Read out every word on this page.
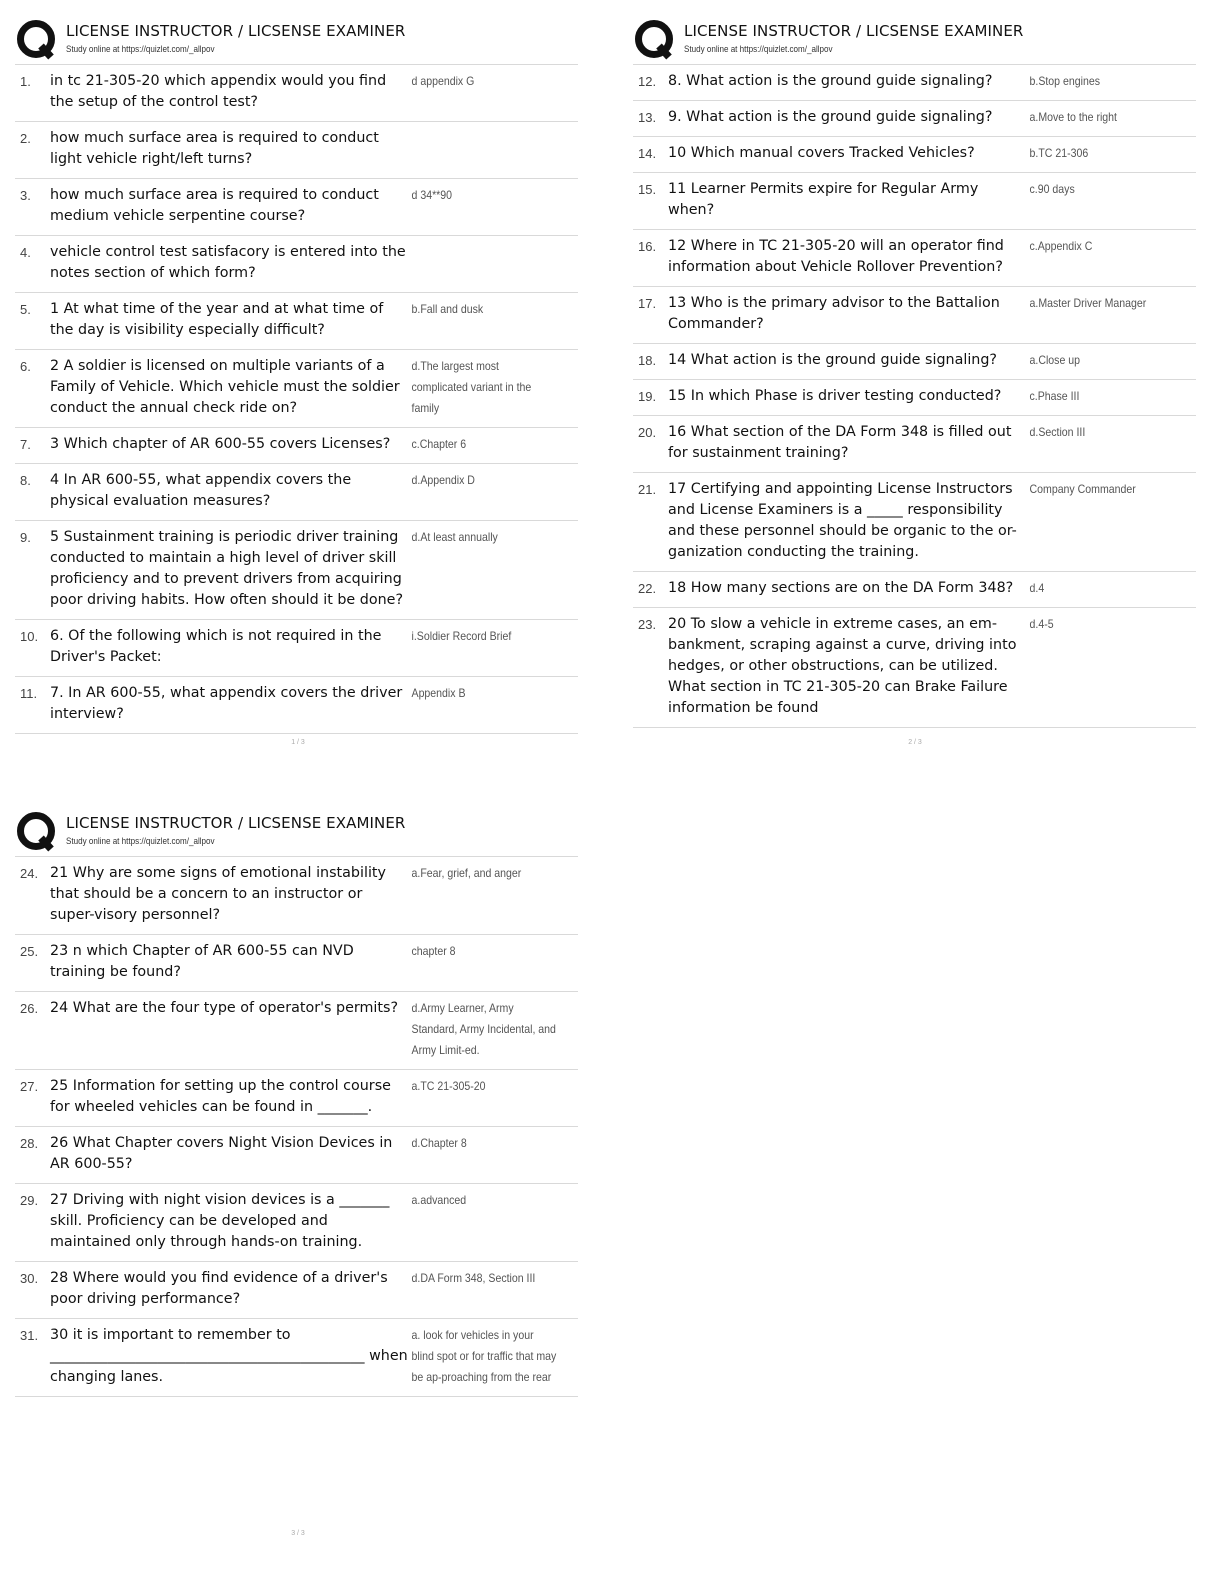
LICENSE INSTRUCTOR / LICSENSE EXAMINER
Study online at https://quizlet.com/_allpov
1.	in tc 21-305-20 which appendix would you find the setup of the control test?
d appendix G
2.	how much surface area is required to conduct light vehicle right/left turns?
3.	how much surface area is required to conduct medium vehicle serpentine course?
d 34**90
4.	vehicle control test satisfacory is entered into the notes section of which form?
5.	1 At what time of the year and at what time of the day is visibility especially difficult?
b.Fall and dusk
6.	2 A soldier is licensed on multiple variants of a Family of Vehicle. Which vehicle must the soldier conduct the annual check ride on?
d.The largest most complicated variant in the family
7.	3 Which chapter of AR 600-55 covers Licenses?	c.Chapter 6
8.	4 In AR 600-55, what appendix covers the physical evaluation measures?
d.Appendix D
9.	5 Sustainment training is periodic driver training conducted to maintain a high level of driver skill proficiency and to prevent drivers from acquiring poor driving habits. How often should it be done?
d.At least annually
10. 6. Of the following which is not required in the Driver's Packet:
i.Soldier Record Brief
11. 7. In AR 600-55, what appendix covers the driver interview?
Appendix B
LICENSE INSTRUCTOR / LICSENSE EXAMINER
Study online at https://quizlet.com/_allpov
12. 8. What action is the ground guide signaling?	b.Stop engines
13. 9. What action is the ground guide signaling?	a.Move to the right
14. 10 Which manual covers Tracked Vehicles?	b.TC 21-306
15. 11 Learner Permits expire for Regular Army when?
c.90 days
16. 12 Where in TC 21-305-20 will an operator find information about Vehicle Rollover Prevention?
c.Appendix C
17. 13 Who is the primary advisor to the Battalion Commander?
a.Master Driver Manager
18. 14 What action is the ground guide signaling?	a.Close up
19. 15 In which Phase is driver testing conducted?	c.Phase III
20. 16 What section of the DA Form 348 is filled out for sustainment training?
d.Section III
21. 17 Certifying and appointing License Instructors and License Examiners is a _____ responsibility and these personnel should be organic to the or-ganization conducting the training.
Company Commander
22. 18 How many sections are on the DA Form 348?	d.4
23. 20 To slow a vehicle in extreme cases, an em-bankment, scraping against a curve, driving into hedges, or other obstructions, can be utilized. What section in TC 21-305-20 can Brake Failure information be found
d.4-5
LICENSE INSTRUCTOR / LICSENSE EXAMINER
Study online at https://quizlet.com/_allpov
24. 21 Why are some signs of emotional instability that should be a concern to an instructor or super-visory personnel?
a.Fear, grief, and anger
25. 23 n which Chapter of AR 600-55 can NVD training be found?
chapter 8
26. 24 What are the four type of operator's permits?	d.Army Learner, Army Standard, Army Incidental, and Army Limit-ed.
27. 25 Information for setting up the control course for wheeled vehicles can be found in _______.
a.TC 21-305-20
28. 26 What Chapter covers Night Vision Devices in AR 600-55?
d.Chapter 8
29. 27 Driving with night vision devices is a _______ skill. Proficiency can be developed and maintained only through hands-on training.
a.advanced
30. 28 Where would you find evidence of a driver's poor driving performance?
d.DA Form 348, Section III
31. 30 it is important to remember to ____________________________________________ when changing lanes.
a. look for vehicles in your blind spot or for traffic that may be ap-proaching from the rear
1 / 3	2 / 3
3 / 3
